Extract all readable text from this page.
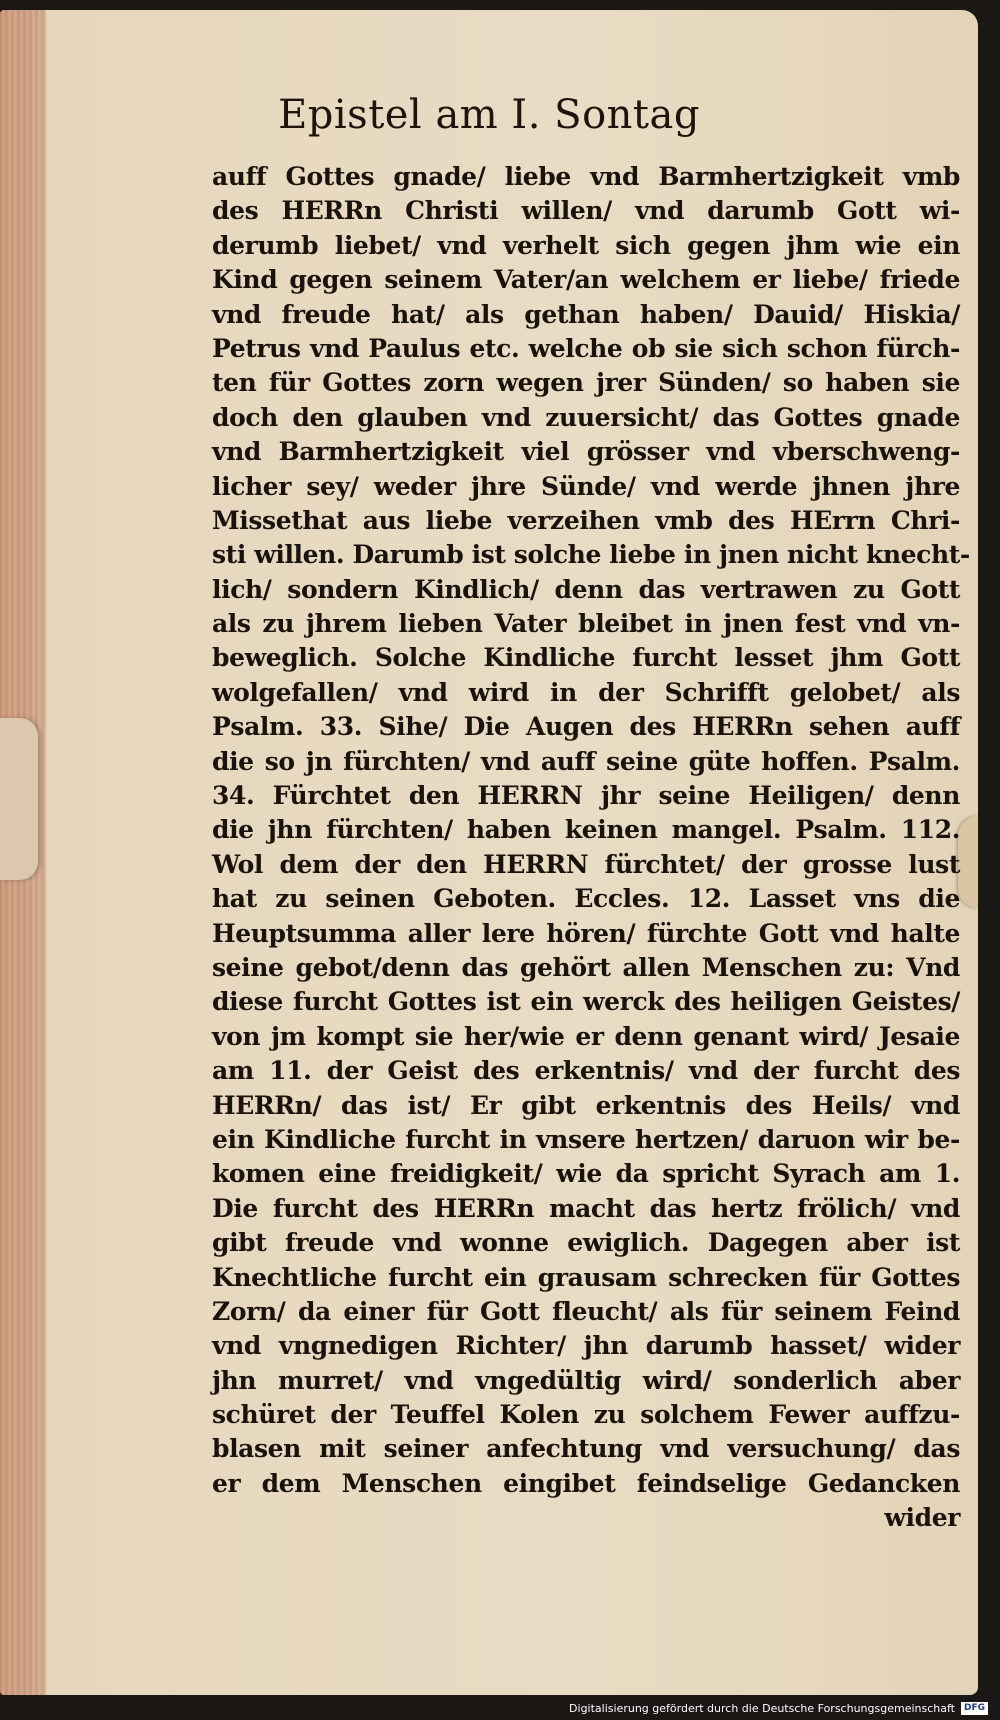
Epistel am I. Sontag
auff Gottes gnade/ liebe vnd Barmhertzigkeit vmb
des HERRn Christi willen/ vnd darumb Gott wi-
derumb liebet/ vnd verhelt sich gegen jhm wie ein
Kind gegen seinem Vater/an welchem er liebe/ friede
vnd freude hat/ als gethan haben/ Dauid/ Hiskia/
Petrus vnd Paulus etc. welche ob sie sich schon fürch-
ten für Gottes zorn wegen jrer Sünden/ so haben sie
doch den glauben vnd zuuersicht/ das Gottes gnade
vnd Barmhertzigkeit viel grösser vnd vberschweng-
licher sey/ weder jhre Sünde/ vnd werde jhnen jhre
Missethat aus liebe verzeihen vmb des HErrn Chri-
sti willen. Darumb ist solche liebe in jnen nicht knecht-
lich/ sondern Kindlich/ denn das vertrawen zu Gott
als zu jhrem lieben Vater bleibet in jnen fest vnd vn-
beweglich. Solche Kindliche furcht lesset jhm Gott
wolgefallen/ vnd wird in der Schrifft gelobet/ als
Psalm. 33. Sihe/ Die Augen des HERRn sehen auff
die so jn fürchten/ vnd auff seine güte hoffen. Psalm.
34. Fürchtet den HERRN jhr seine Heiligen/ denn
die jhn fürchten/ haben keinen mangel. Psalm. 112.
Wol dem der den HERRN fürchtet/ der grosse lust
hat zu seinen Geboten. Eccles. 12. Lasset vns die
Heuptsumma aller lere hören/ fürchte Gott vnd halte
seine gebot/denn das gehört allen Menschen zu: Vnd
diese furcht Gottes ist ein werck des heiligen Geistes/
von jm kompt sie her/wie er denn genant wird/ Jesaie
am 11. der Geist des erkentnis/ vnd der furcht des
HERRn/ das ist/ Er gibt erkentnis des Heils/ vnd
ein Kindliche furcht in vnsere hertzen/ daruon wir be-
komen eine freidigkeit/ wie da spricht Syrach am 1.
Die furcht des HERRn macht das hertz frölich/ vnd
gibt freude vnd wonne ewiglich. Dagegen aber ist
Knechtliche furcht ein grausam schrecken für Gottes
Zorn/ da einer für Gott fleucht/ als für seinem Feind
vnd vngnedigen Richter/ jhn darumb hasset/ wider
jhn murret/ vnd vngedültig wird/ sonderlich aber
schüret der Teuffel Kolen zu solchem Fewer auffzu-
blasen mit seiner anfechtung vnd versuchung/ das
er dem Menschen eingibet feindselige Gedancken
wider
Digitalisierung gefördert durch die Deutsche Forschungsgemeinschaft	DFG
